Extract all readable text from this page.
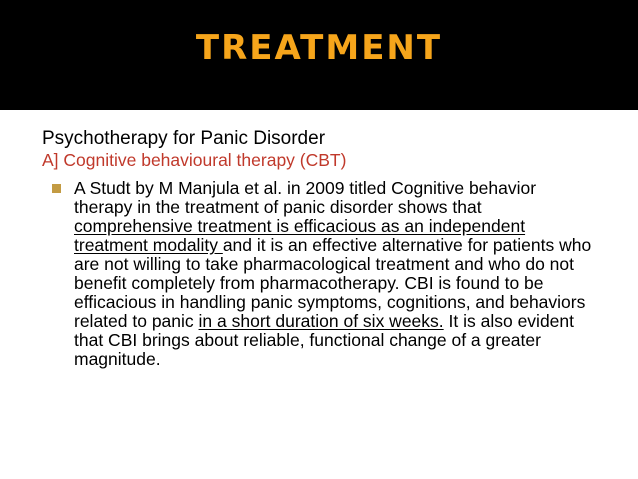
TREATMENT

Psychotherapy for Panic Disorder

A] Cognitive behavioural therapy (CBT)

A Studt by M Manjula et al. in 2009 titled Cognitive behavior therapy in the treatment of panic disorder shows that comprehensive treatment is efficacious as an independent treatment modality and it is an effective alternative for patients who are not willing to take pharmacological treatment and who do not benefit completely from pharmacotherapy. CBI is found to be efficacious in handling panic symptoms, cognitions, and behaviors related to panic in a short duration of six weeks. It is also evident that CBI brings about reliable, functional change of a greater magnitude.
